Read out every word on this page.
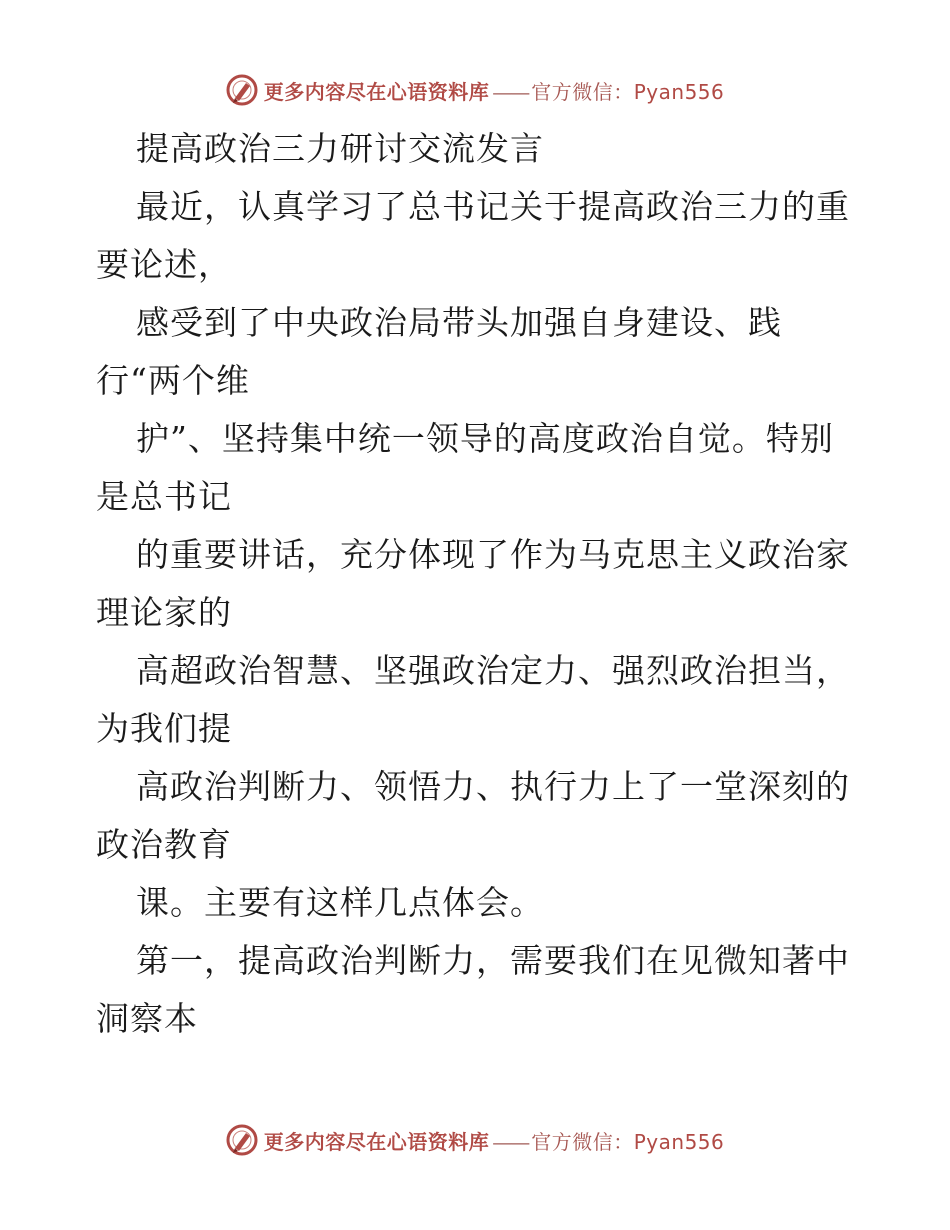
更多内容尽在心语资料库 —— 官方微信：Pyan556
提高政治三力研讨交流发言
最近，认真学习了总书记关于提高政治三力的重
要论述，
感受到了中央政治局带头加强自身建设、践
行“两个维
护”、坚持集中统一领导的高度政治自觉。特别
是总书记
的重要讲话，充分体现了作为马克思主义政治家
理论家的
高超政治智慧、坚强政治定力、强烈政治担当，
为我们提
高政治判断力、领悟力、执行力上了一堂深刻的
政治教育
课。主要有这样几点体会。
第一，提高政治判断力，需要我们在见微知著中
洞察本
更多内容尽在心语资料库 —— 官方微信：Pyan556
